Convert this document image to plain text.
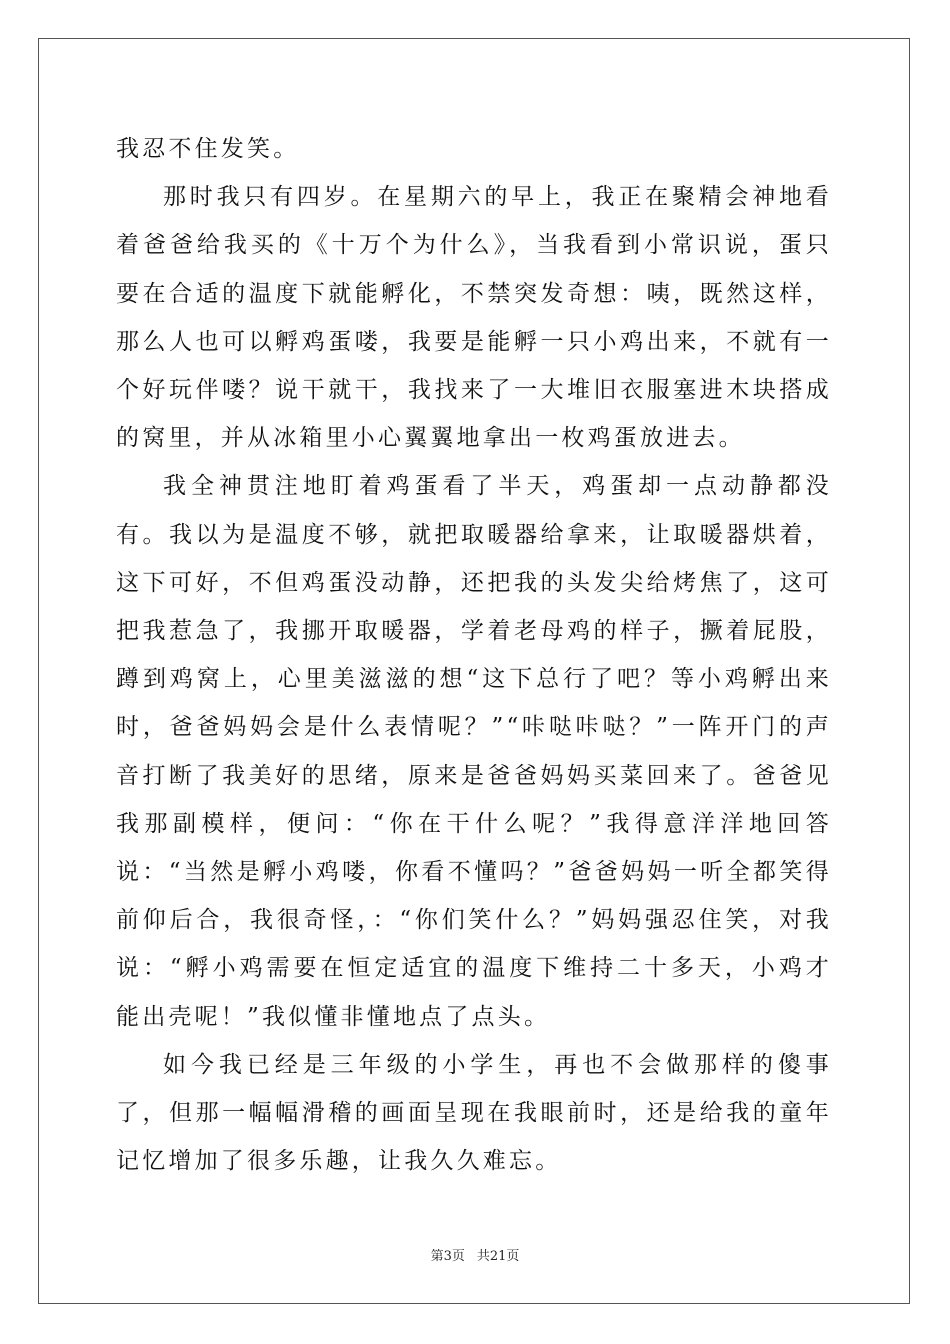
我忍不住发笑。

那时我只有四岁。在星期六的早上，我正在聚精会神地看着爸爸给我买的《十万个为什么》，当我看到小常识说，蛋只要在合适的温度下就能孵化，不禁突发奇想：咦，既然这样，那么人也可以孵鸡蛋喽，我要是能孵一只小鸡出来，不就有一个好玩伴喽？说干就干，我找来了一大堆旧衣服塞进木块搭成的窝里，并从冰箱里小心翼翼地拿出一枚鸡蛋放进去。

我全神贯注地盯着鸡蛋看了半天，鸡蛋却一点动静都没有。我以为是温度不够，就把取暖器给拿来，让取暖器烘着，这下可好，不但鸡蛋没动静，还把我的头发尖给烤焦了，这可把我惹急了，我挪开取暖器，学着老母鸡的样子，撅着屁股，蹲到鸡窝上，心里美滋滋的想“这下总行了吧？等小鸡孵出来时，爸爸妈妈会是什么表情呢？”“咔哒咔哒？”一阵开门的声音打断了我美好的思绪，原来是爸爸妈妈买菜回来了。爸爸见我那副模样，便问：“你在干什么呢？”我得意洋洋地回答说：“当然是孵小鸡喽，你看不懂吗？”爸爸妈妈一听全都笑得前仰后合，我很奇怪，：“你们笑什么？”妈妈强忍住笑，对我说：“孵小鸡需要在恒定适宜的温度下维持二十多天，小鸡才能出壳呢！”我似懂非懂地点了点头。

如今我已经是三年级的小学生，再也不会做那样的傻事了，但那一幅幅滑稽的画面呈现在我眼前时，还是给我的童年记忆增加了很多乐趣，让我久久难忘。

第3页 共21页
